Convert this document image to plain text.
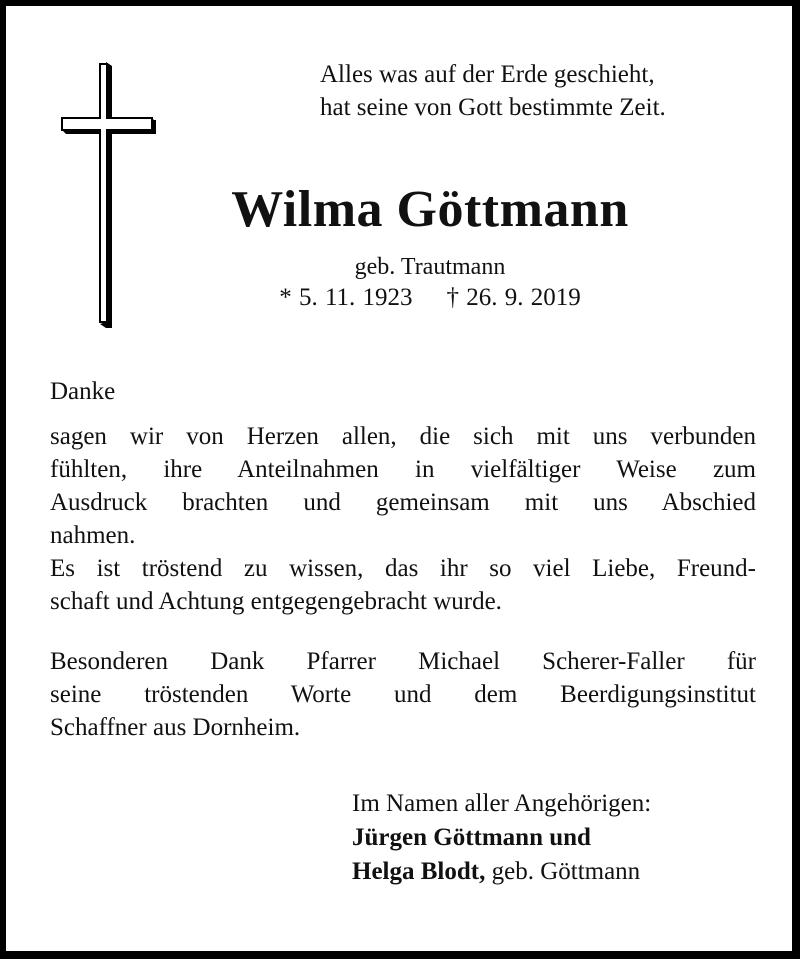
Alles was auf der Erde geschieht,
hat seine von Gott bestimmte Zeit.
Wilma Göttmann
geb. Trautmann
* 5. 11. 1923 † 26. 9. 2019
Danke
sagen wir von Herzen allen, die sich mit uns verbunden
fühlten, ihre Anteilnahmen in vielfältiger Weise zum
Ausdruck brachten und gemeinsam mit uns Abschied
nahmen.
Es ist tröstend zu wissen, das ihr so viel Liebe, Freund-
schaft und Achtung entgegengebracht wurde.
Besonderen Dank Pfarrer Michael Scherer-Faller für
seine tröstenden Worte und dem Beerdigungsinstitut
Schaffner aus Dornheim.
Im Namen aller Angehörigen:
Jürgen Göttmann und
Helga Blodt, geb. Göttmann
